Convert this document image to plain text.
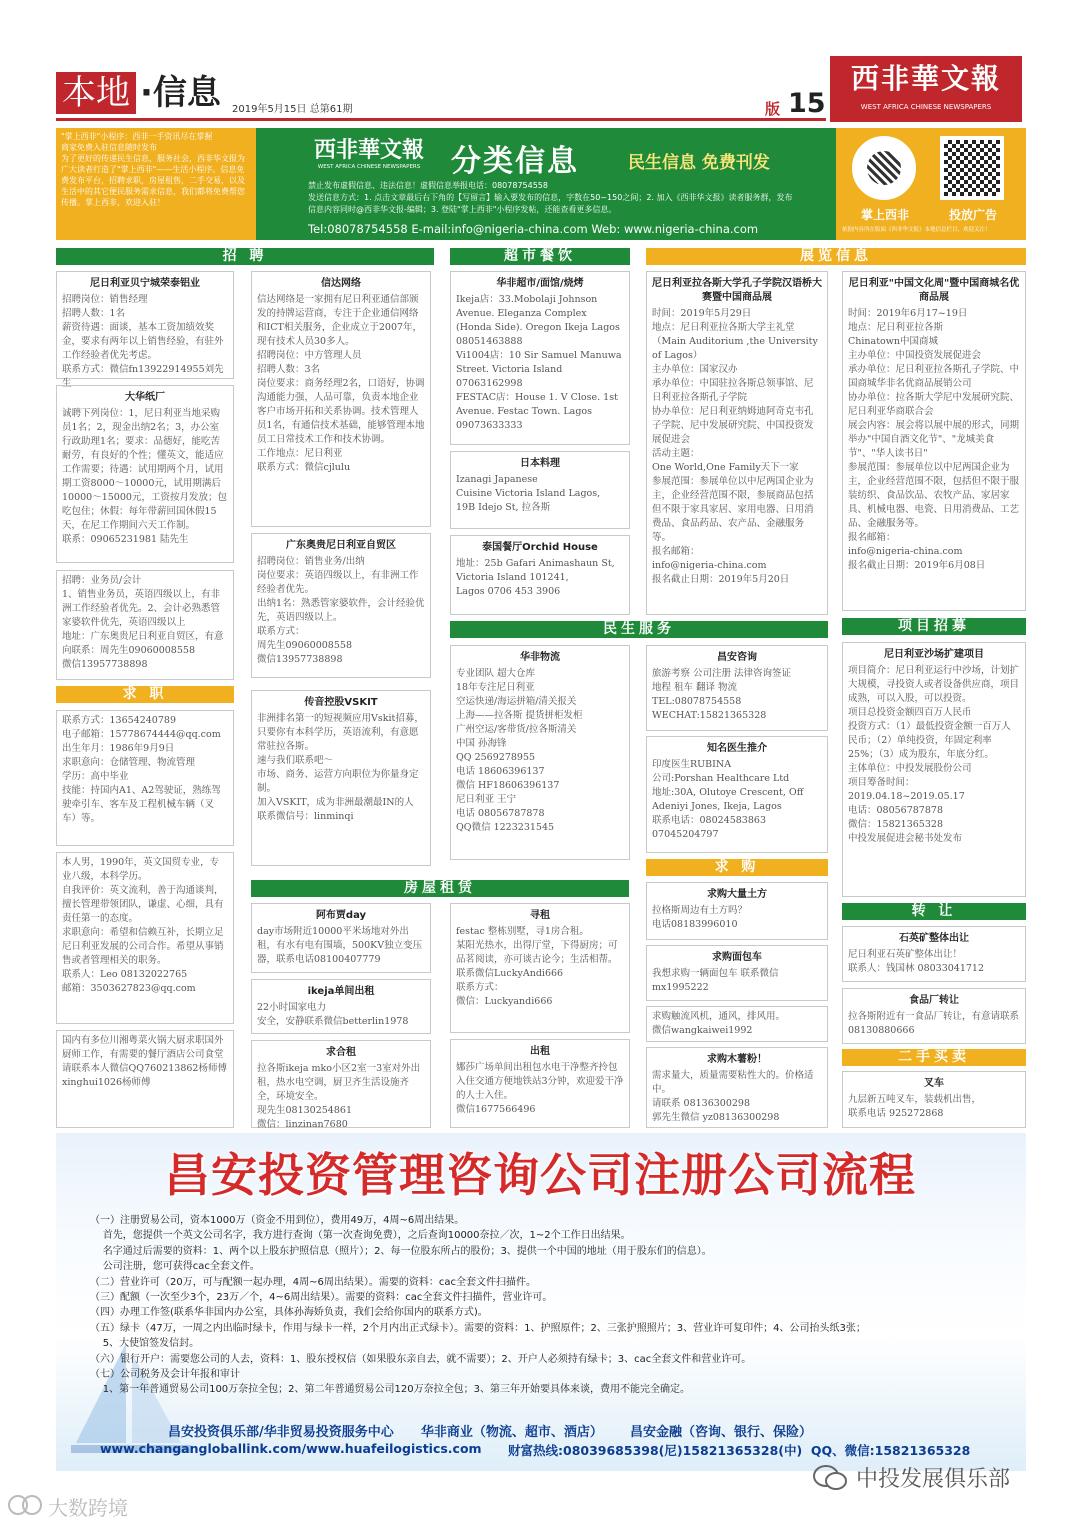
本地 ·信息 2019年5月15日 总第61期	版 15
西非華文報
WEST AFRICA CHINESE NEWSPAPERS
"掌上西非"小程序：西非一手资讯尽在掌握
商家免费入驻信息随时发布
为了更好的传递民生信息，服务社会，西非华文报为广大读者打造了"掌上西非"——生活小程序。信息免费发布平台，招聘求职，房屋租售，二手交易，以及生活中的其它便民服务需求信息，我们都将免费帮您传播。掌上西非，欢迎入驻！
西非華文報
WEST AFRICA CHINESE NEWSPAPERS	分类信息	民生信息 免费刊发
禁止发布虚假信息、违法信息！虚假信息举报电话：08078754558
发送信息方式：1. 点击文章最后右下角的【写留言】输入要发布的信息，字数在50~150之间；2. 加入《西非华文报》读者服务群，发布信息内容同时@西非华文报-编辑；3. 登陆"掌上西非"小程序发帖，还能查看更多信息。
Tel:08078754558 E-mail:info@nigeria-china.com Web: www.nigeria-china.com
掌上西非	投放广告
依据内容所在版面《西非华文报》本地信息栏目，欢迎关注！
招 聘	超市餐饮	展览信息
求 职
民生服务	项目招募
房屋租赁
求 购
转 让
二手买卖
尼日利亚贝宁城荣泰铝业
招聘岗位：销售经理
招聘人数：1名
薪资待遇：面谈，基本工资加绩效奖金，要求有两年以上销售经验，有驻外工作经验者优先考虑。
联系方式：微信fn13922914955刘先生
大华纸厂
诚聘下列岗位：1，尼日利亚当地采购员1名；2，现金出纳2名；3，办公室行政助理1名；要求：品德好，能吃苦耐劳，有良好的个性；懂英文，能适应工作需要；待遇：试用期两个月，试用期工资8000～10000元，试用期满后10000～15000元，工资按月发放；包吃包住；休假：每年带薪回国休假15天，在尼工作期间六天工作制。
联系：09065231981 陆先生
招聘：业务员/会计
1、销售业务员，英语四级以上，有非洲工作经验者优先。2、会计必熟悉管家婆软件优先，英语四级以上
地址：广东奥贵尼日利亚自贸区，有意向联系：周先生09060008558
微信13957738898
联系方式：13654240789
电子邮箱：15778674444@qq.com
出生年月：1986年9月9日
求职意向：仓储管理、物流管理
学历：高中毕业
技能：持国内A1、A2驾驶证，熟练驾驶牵引车、客车及工程机械车辆（叉车）等。
本人男，1990年，英文国贸专业，专业八级，本科学历。
自我评价：英文流利，善于沟通谈判，擅长管理带领团队，谦虚、心细，具有责任第一的态度。
求职意向：希望和信赖互补，长期立足尼日利亚发展的公司合作。希望从事销售或者管理相关的职务。
联系人：Leo 08132022765
邮箱：3503627823@qq.com
国内有多位川湘粤菜火锅大厨求职国外厨师工作，有需要的餐厅酒店公司食堂请联系本人微信QQ760213862杨师傅
xinghui1026杨师傅
信达网络
信达网络是一家拥有尼日利亚通信部颁发的持牌运营商，专注于企业通信网络和ICT相关服务，企业成立于2007年，现有技术人员30多人。
招聘岗位：中方管理人员
招聘人数：3名
岗位要求：商务经理2名，口语好，协调沟通能力强，人品可靠，负责本地企业客户市场开拓和关系协调。技术管理人员1名，有通信技术基础，能够管理本地员工日常技术工作和技术协调。
工作地点：尼日利亚
联系方式：微信cjlulu
广东奥贵尼日利亚自贸区
招聘岗位：销售业务/出纳
岗位要求：英语四级以上，有非洲工作经验者优先。
出纳1名：熟悉管家婆软件，会计经验优先，英语四级以上。
联系方式：
周先生09060008558
微信13957738898
传音控股VSKIT
非洲排名第一的短视频应用Vskit招募，只要你有本科学历，英语流利，有意愿常驻拉各斯。
速与我们联系吧～
市场、商务、运营方向职位为你量身定制。
加入VSKIT，成为非洲最潮最IN的人
联系微信号：linminqi
阿布贾day
day市场附近10000平米场地对外出租，有水有电有围墙，500KV独立变压器，联系电话08100407779
ikeja单间出租
22小时国家电力
安全，安静联系微信betterlin1978
求合租
拉各斯ikeja mko小区2室一3室对外出租，热水电空调，厨卫齐生活设施齐全，环境安全。
现先生08130254861
微信：linzinan7680
华非超市/面馆/烧烤
Ikeja店：33.Mobolaji Johnson Avenue. Eleganza Complex (Honda Side). Oregon Ikeja Lagos
08051463888
Vi1004店：10 Sir Samuel Manuwa Street. Victoria Island
07063162998
FESTAC店：House 1. V Close. 1st Avenue. Festac Town. Lagos
09073633333
日本料理
Izanagi Japanese
Cuisine Victoria Island Lagos,
19B Idejo St, 拉各斯
泰国餐厅Orchid House
地址：25b Gafari Animashaun St,
Victoria Island 101241,
Lagos 0706 453 3906
华非物流
专业团队 超大仓库
18年专注尼日利亚
空运快递/海运拼箱/清关报关
上海——拉各斯 提货拼柜发柜
广州空运/客带货/拉各斯清关
中国 孙海锋
QQ 2569278955
电话 18606396137
微信 HF18606396137
尼日利亚 王宁
电话 08056787878
QQ微信 1223231545
寻租
festac 整栋别墅，寻1房合租。
某阳光热水，出得厅堂，下得厨房；可品茗阅读，亦可谈古论今；生活相帮。
联系微信LuckyAndi666
联系方式：
微信：Luckyandi666
出租
娜莎广场单间出租包水电干净整齐拎包入住交通方便地铁站3分钟，欢迎爱干净的人士入住。
微信1677566496
尼日利亚拉各斯大学孔子学院汉语桥大赛暨中国商品展
时间：2019年5月29日
地点：尼日利亚拉各斯大学主礼堂（Main Auditorium ,the University of Lagos）
主办单位：国家汉办
承办单位：中国驻拉各斯总领事馆、尼日利亚拉各斯孔子学院
协办单位：尼日利亚纳姆迪阿奇克韦孔子学院、尼中发展研究院、中国投资发展促进会
活动主题：
One World,One Family天下一家
参展范围：参展单位以中尼两国企业为主，企业经营范围不限，参展商品包括但不限于家具家居、家用电器、日用消费品、食品药品、农产品、金融服务等。
报名邮箱：
info@nigeria-china.com
报名截止日期：2019年5月20日
昌安咨询
旅游考察 公司注册 法律咨询签证
地程 租车 翻译 物流
TEL:08078754558
WECHAT:15821365328
知名医生推介
印度医生RUBINA
公司:Porshan Healthcare Ltd
地址:30A, Olutoye Crescent, Off Adeniyi Jones, Ikeja, Lagos
联系电话：08024583863
07045204797
求购大量土方
拉格斯周边有土方吗？
电话08183996010
求购面包车
我想求购一辆面包车 联系微信mx1995222
求购触流风机，通风，排风用。
微信wangkaiwei1992
求购木薯粉！
需求量大，质量需要粘性大的。价格适中。
请联系 08136300298
郭先生微信 yz08136300298
尼日利亚"中国文化周"暨中国商城名优商品展
时间：2019年6月17~19日
地点：尼日利亚拉各斯
Chinatown中国商城
主办单位：中国投资发展促进会
承办单位：尼日利亚拉各斯孔子学院、中国商城华非名优商品展销公司
协办单位：拉各斯大学尼中发展研究院、尼日利亚华商联合会
展会内容：展会将以展中展的形式，同期举办"中国自酒文化节"、"龙城美食节"、"华人读书日"
参展范围：参展单位以中尼两国企业为主，企业经营范围不限，包括但不限于服装纺织、食品饮品、农牧产品、家居家具、机械电器、电瓷、日用消费品、工艺品、金融服务等。
报名邮箱：
info@nigeria-china.com
报名截止日期：2019年6月08日
尼日利亚沙场扩建项目
项目简介：尼日利亚运行中沙场，计划扩大规模，寻投资人或者设备供应商，项目成熟，可以入股，可以投资。
项目总投资金额四百万人民币
投资方式：（1）最低投资金额一百万人民币；（2）单纯投资，年固定利率25%；（3）成为股东，年底分红。
主体单位：中投发展股份公司
项目筹备时间：
2019.04.18~2019.05.17
电话：08056787878
微信：15821365328
中投发展促进会秘书处发布
石英矿整体出让
尼日利亚石英矿整体出让！
联系人：钱国林 08033041712
食品厂转让
拉各斯附近有一食品厂转让，有意请联系 08130880666
叉车
九层新五吨叉车，装载机出售，
联系电话 925272868
昌安投资管理咨询公司注册公司流程
（一）注册贸易公司，资本1000万（资金不用到位），费用49万，4周~6周出结果。
首先，您提供一个英文公司名字，我方进行查询（第一次查询免费），之后查询10000奈拉／次，1~2个工作日出结果。
名字通过后需要的资料：1、两个以上股东护照信息（照片）；2、每一位股东所占的股份；3、提供一个中国的地址（用于股东们的信息）。
公司注册，您可获得cac全套文件。
（二）营业许可（20万，可与配额一起办理，4周~6周出结果）。需要的资料：cac全套文件扫描件。
（三）配额（一次至少3个，23万／个，4~6周出结果）。需要的资料：cac全套文件扫描件，营业许可。
（四）办理工作签(联系华非国内办公室，具体孙海娇负责，我们会给你国内的联系方式)。
（五）绿卡（47万，一周之内出临时绿卡，作用与绿卡一样，2个月内出正式绿卡）。需要的资料：1、护照原件；2、三张护照照片；3、营业许可复印件；4、公司抬头纸3张；
5、大使馆签发信封。
（六）银行开户：需要您公司的人去，资料：1、股东授权信（如果股东亲自去，就不需要）；2、开户人必须持有绿卡；3、cac全套文件和营业许可。
（七）公司税务及会计年报和审计
1、第一年普通贸易公司100万奈拉全包；2、第二年普通贸易公司120万奈拉全包；3、第三年开始要具体来谈，费用不能完全确定。
昌安投资俱乐部/华非贸易投资服务中心      华非商业（物流、超市、酒店）      昌安金融（咨询、银行、保险）
www.changangloballink.com/www.huafeilogistics.com 财富热线:08039685398(尼)15821365328(中)  QQ、微信:15821365328
中投发展俱乐部
大数跨境
